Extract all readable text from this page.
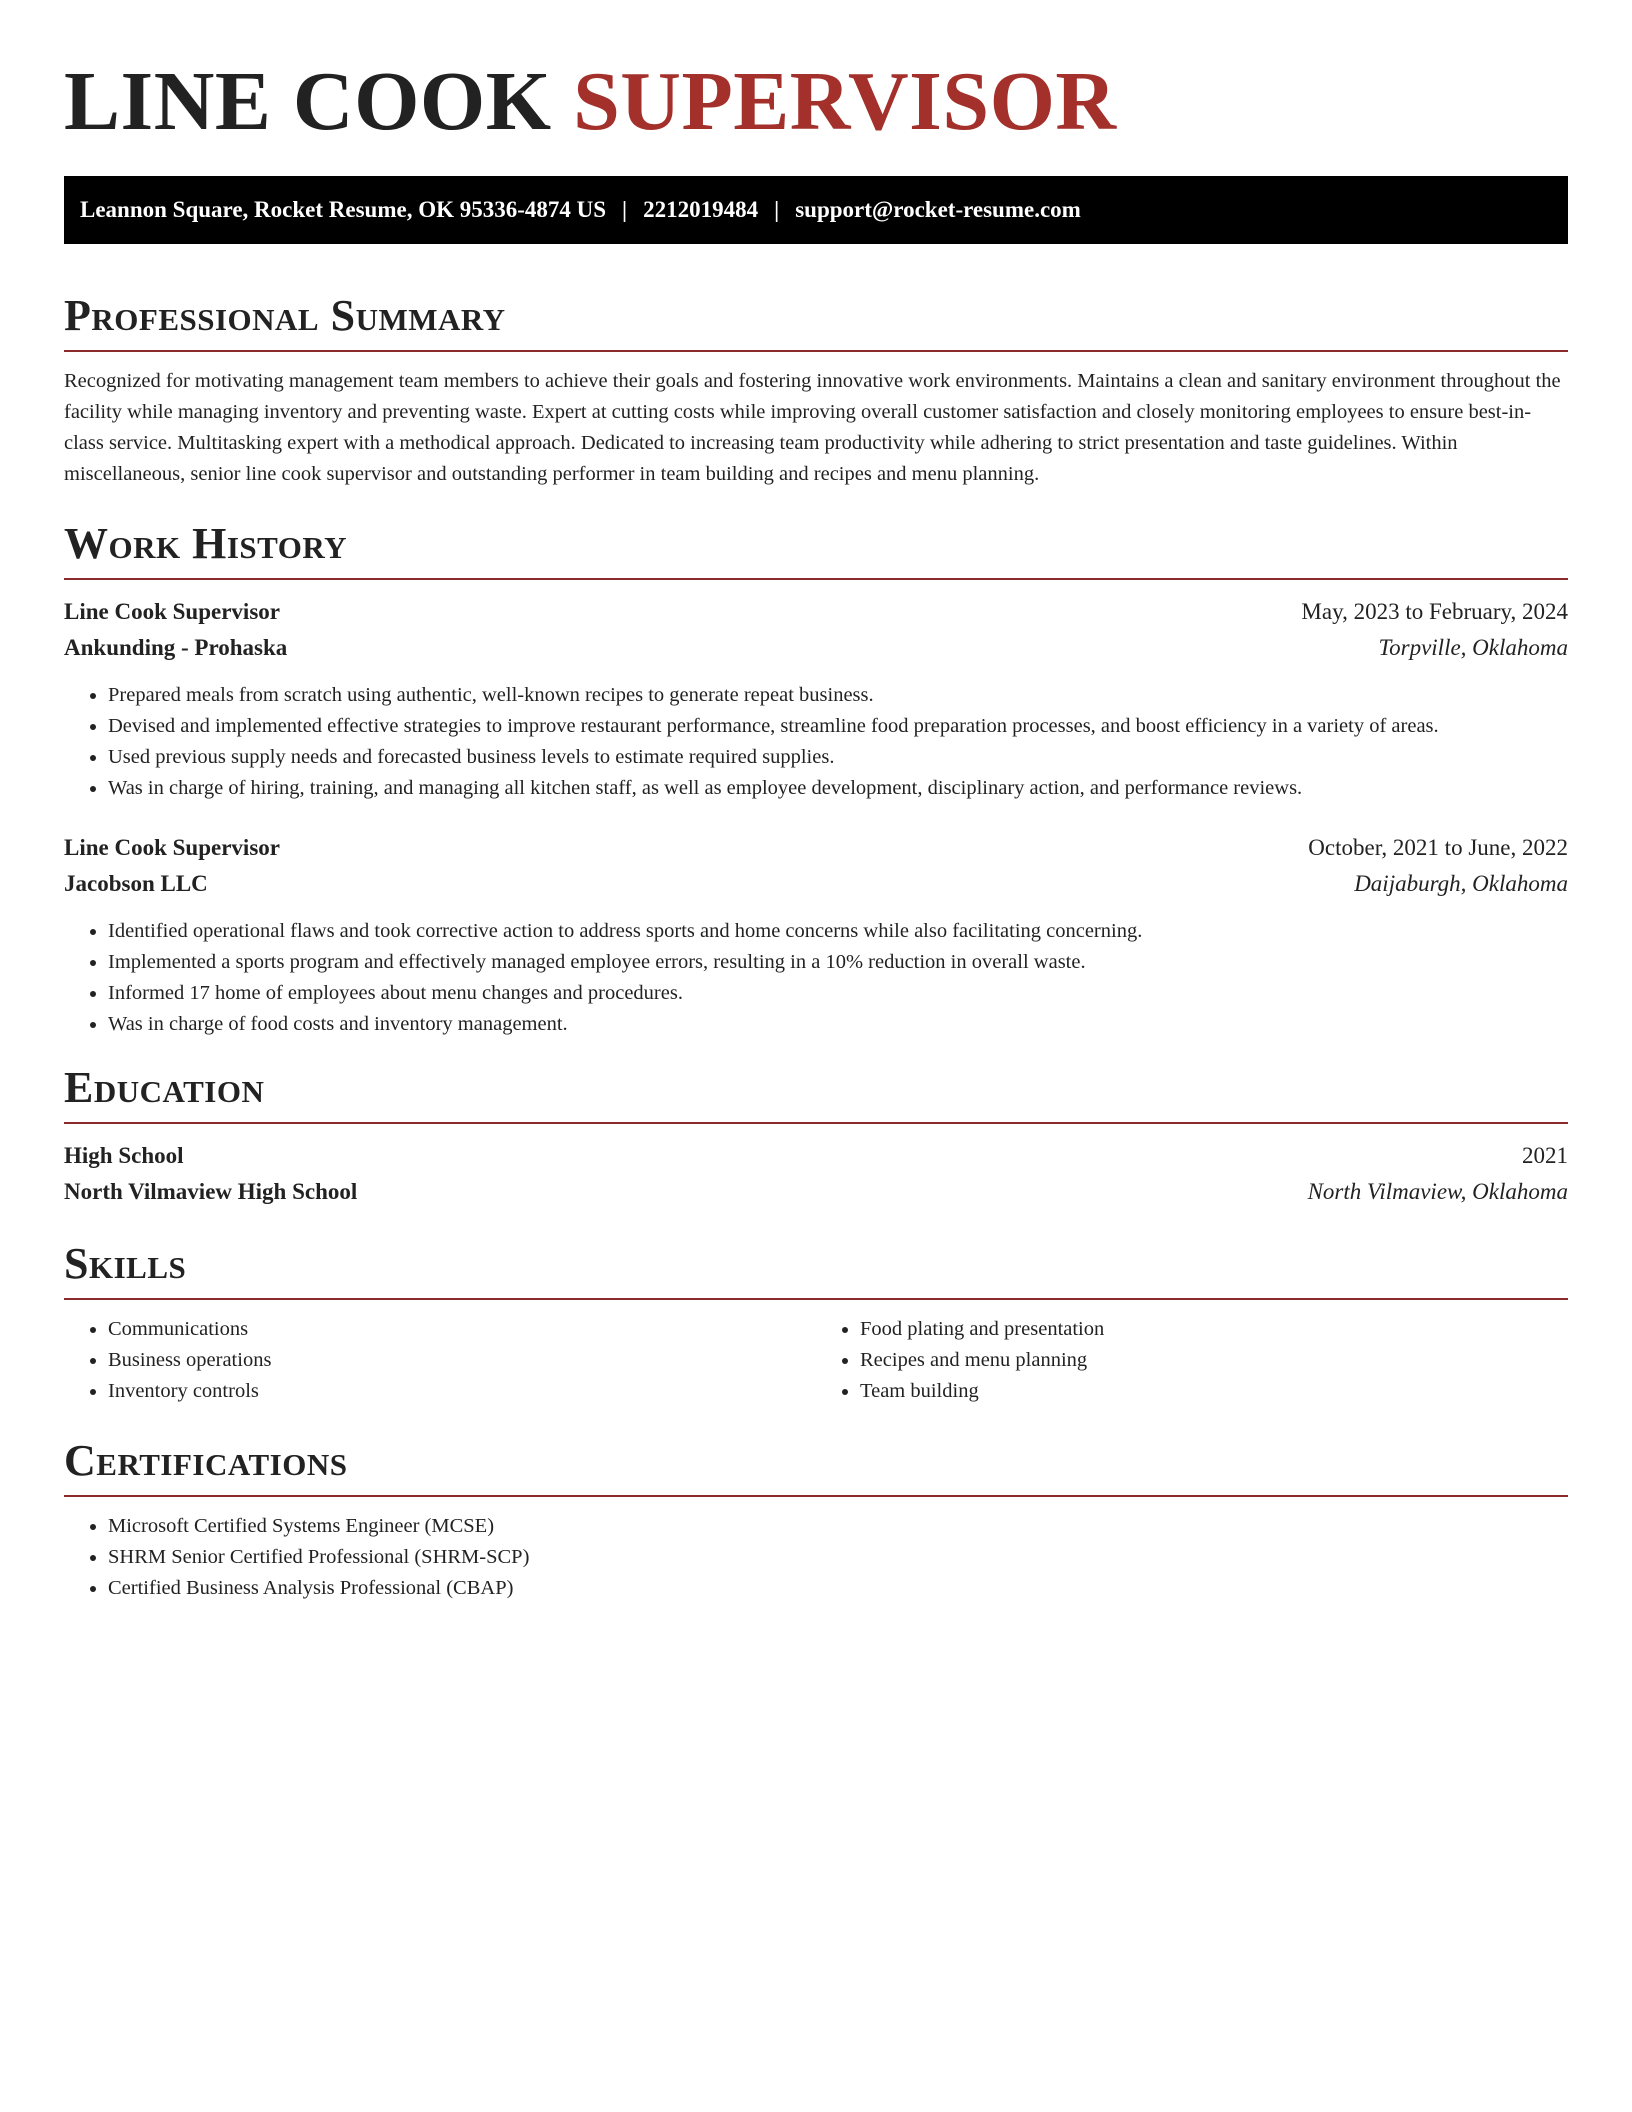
LINE COOK SUPERVISOR
Leannon Square, Rocket Resume, OK 95336-4874 US | 2212019484 | support@rocket-resume.com
Professional Summary

Recognized for motivating management team members to achieve their goals and fostering innovative work environments. Maintains a clean and sanitary environment throughout the facility while managing inventory and preventing waste. Expert at cutting costs while improving overall customer satisfaction and closely monitoring employees to ensure best-in-class service. Multitasking expert with a methodical approach. Dedicated to increasing team productivity while adhering to strict presentation and taste guidelines. Within miscellaneous, senior line cook supervisor and outstanding performer in team building and recipes and menu planning.

Work History
Line Cook Supervisor	May, 2023 to February, 2024
Ankunding - Prohaska	Torpville, Oklahoma
• Prepared meals from scratch using authentic, well-known recipes to generate repeat business.
• Devised and implemented effective strategies to improve restaurant performance, streamline food preparation processes, and boost efficiency in a variety of areas.
• Used previous supply needs and forecasted business levels to estimate required supplies.
• Was in charge of hiring, training, and managing all kitchen staff, as well as employee development, disciplinary action, and performance reviews.
Line Cook Supervisor	October, 2021 to June, 2022
Jacobson LLC	Daijaburgh, Oklahoma
• Identified operational flaws and took corrective action to address sports and home concerns while also facilitating concerning.
• Implemented a sports program and effectively managed employee errors, resulting in a 10% reduction in overall waste.
• Informed 17 home of employees about menu changes and procedures.
• Was in charge of food costs and inventory management.
Education
High School	2021
North Vilmaview High School	North Vilmaview, Oklahoma
Skills
• Communications
• Business operations
• Inventory controls
• Food plating and presentation
• Recipes and menu planning
• Team building
Certifications
• Microsoft Certified Systems Engineer (MCSE)
• SHRM Senior Certified Professional (SHRM-SCP)
• Certified Business Analysis Professional (CBAP)
